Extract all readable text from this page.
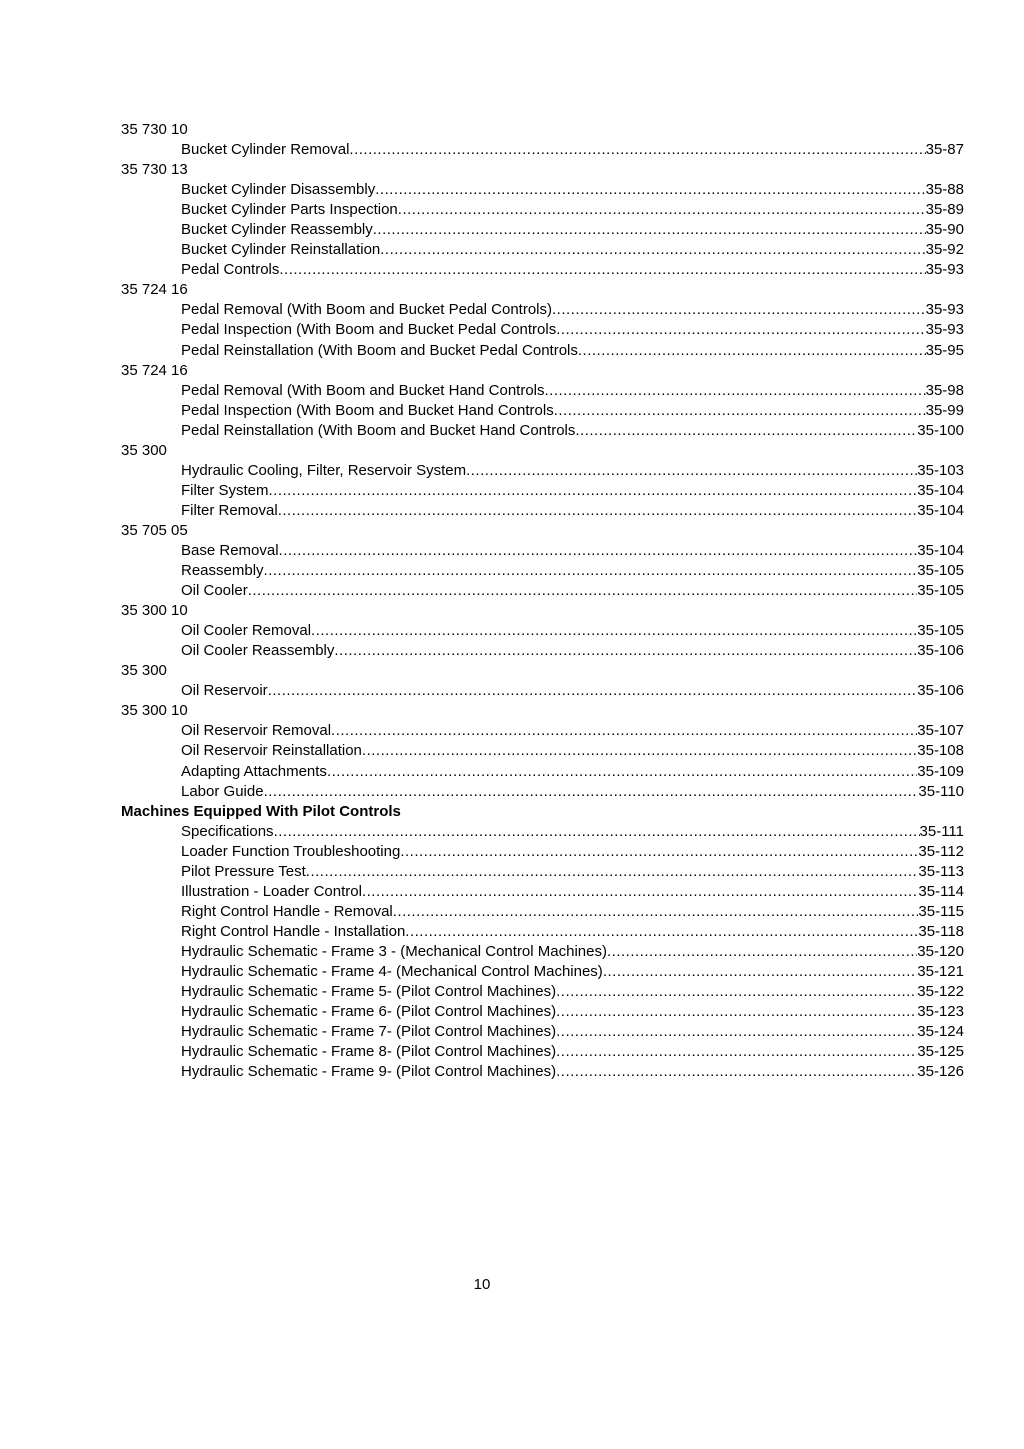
35 730 10
Bucket Cylinder Removal .....	35-87
35 730 13
Bucket Cylinder Disassembly .....	35-88
Bucket Cylinder Parts Inspection .....	35-89
Bucket Cylinder Reassembly .....	35-90
Bucket Cylinder Reinstallation .....	35-92
Pedal Controls .....	35-93
35 724 16
Pedal Removal (With Boom and Bucket Pedal Controls) .....	35-93
Pedal Inspection (With Boom and Bucket Pedal Controls .....	35-93
Pedal Reinstallation (With Boom and Bucket Pedal Controls .....	35-95
35 724 16
Pedal Removal (With Boom and Bucket Hand Controls .....	35-98
Pedal Inspection (With Boom and Bucket Hand Controls .....	35-99
Pedal Reinstallation (With Boom and Bucket Hand Controls .....	35-100
35 300
Hydraulic Cooling, Filter, Reservoir System .....	35-103
Filter System .....	35-104
Filter Removal .....	35-104
35 705 05
Base Removal .....	35-104
Reassembly .....	35-105
Oil Cooler .....	35-105
35 300 10
Oil Cooler Removal .....	35-105
Oil Cooler Reassembly .....	35-106
35 300
Oil Reservoir .....	35-106
35 300 10
Oil Reservoir Removal .....	35-107
Oil Reservoir Reinstallation .....	35-108
Adapting Attachments .....	35-109
Labor Guide .....	35-110
Machines Equipped With Pilot Controls
Specifications .....	35-111
Loader Function Troubleshooting .....	35-112
Pilot Pressure Test .....	35-113
Illustration - Loader Control .....	35-114
Right Control Handle - Removal .....	35-115
Right Control Handle - Installation .....	35-118
Hydraulic Schematic - Frame 3 - (Mechanical Control Machines) .....	35-120
Hydraulic Schematic - Frame 4- (Mechanical Control Machines) .....	35-121
Hydraulic Schematic - Frame 5- (Pilot Control Machines) .....	35-122
Hydraulic Schematic - Frame 6- (Pilot Control Machines) .....	35-123
Hydraulic Schematic - Frame 7- (Pilot Control Machines) .....	35-124
Hydraulic Schematic - Frame 8- (Pilot Control Machines) .....	35-125
Hydraulic Schematic - Frame 9- (Pilot Control Machines) .....	35-126
10
